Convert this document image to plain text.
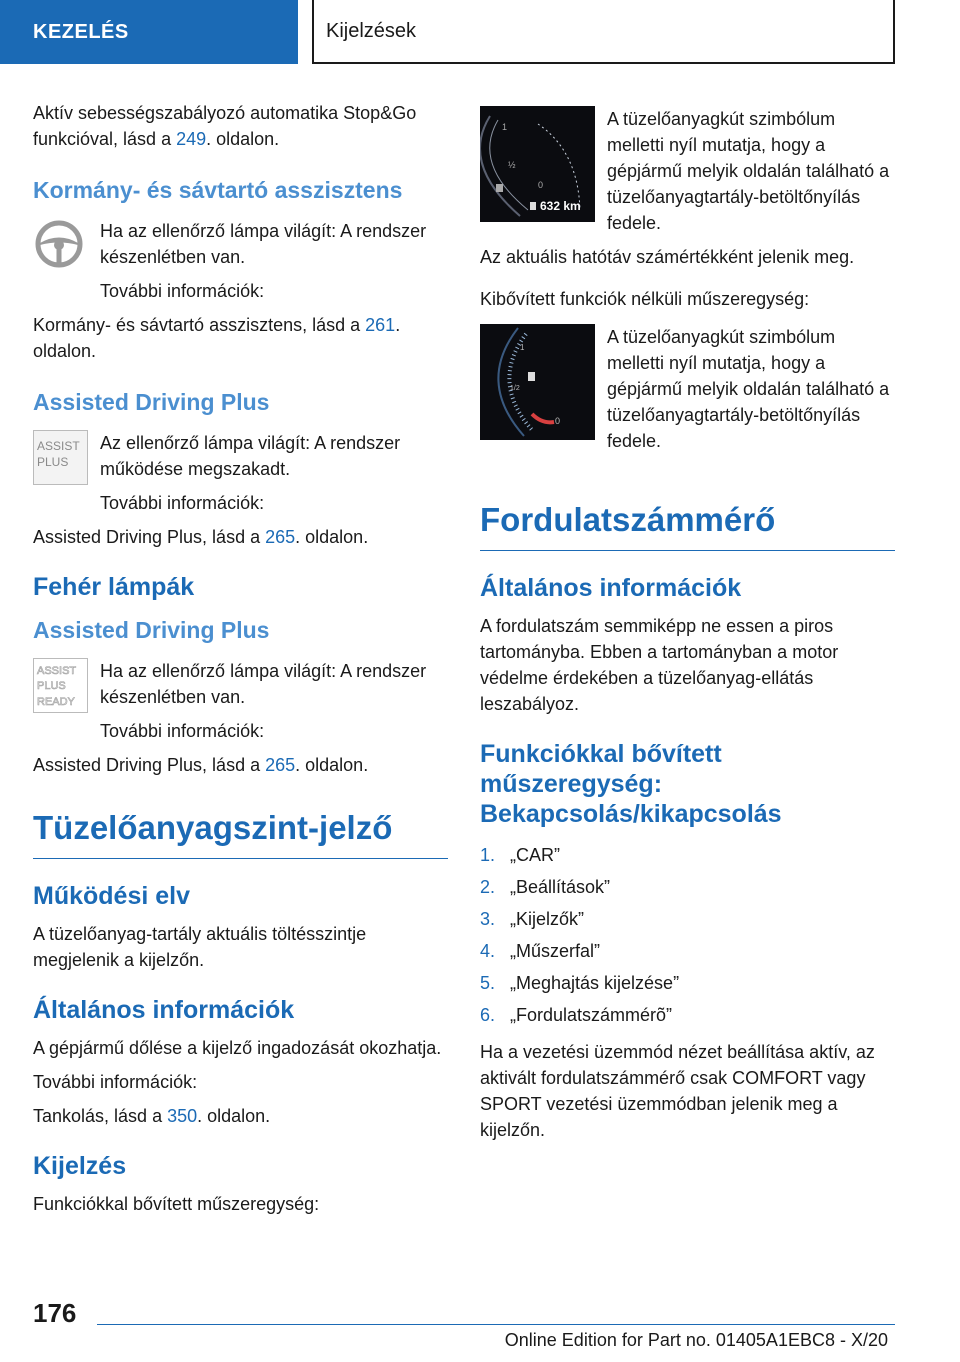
KEZELÉS	Kijelzések

Aktív sebességszabályozó automatika Stop&Go funkcióval, lásd a 249. oldalon.

Kormány- és sávtartó asszisztens

Ha az ellenőrző lámpa világít: A rendszer készenlétben van.

További információk:

Kormány- és sávtartó asszisztens, lásd a 261. oldalon.

Assisted Driving Plus
ASSIST
PLUS

Az ellenőrző lámpa világít: A rendszer működése megszakadt.

További információk:

Assisted Driving Plus, lásd a 265. oldalon.

Fehér lámpák
Assisted Driving Plus
ASSIST
PLUS
READY

Ha az ellenőrző lámpa világít: A rendszer készenlétben van.

További információk:

Assisted Driving Plus, lásd a 265. oldalon.

Tüzelőanyagszint-jelző
Működési elv

A tüzelőanyag-tartály aktuális töltésszintje megjelenik a kijelzőn.

Általános információk

A gépjármű dőlése a kijelző ingadozását okozhatja.

További információk:

Tankolás, lásd a 350. oldalon.

Kijelzés

Funkciókkal bővített műszeregység:

1
½
0
632 km

A tüzelőanyagkút szimbólum melletti nyíl mutatja, hogy a gépjármű melyik oldalán található a tüzelőanyagtartály-betöltőnyílás fedele.

Az aktuális hatótáv számértékként jelenik meg.

Kibővített funkciók nélküli műszeregység:

1
1/2
0

A tüzelőanyagkút szimbólum melletti nyíl mutatja, hogy a gépjármű melyik oldalán található a tüzelőanyagtartály-betöltőnyílás fedele.

Fordulatszámmérő
Általános információk

A fordulatszám semmiképp ne essen a piros tartományba. Ebben a tartományban a motor védelme érdekében a tüzelőanyag-ellátás leszabályoz.

Funkciókkal bővített műszeregység: Bekapcsolás/kikapcsolás
1. „CAR”
2. „Beállítások”
3. „Kijelzők”
4. „Műszerfal”
5. „Meghajtás kijelzése”
6. „Fordulatszámmérõ”

Ha a vezetési üzemmód nézet beállítása aktív, az aktivált fordulatszámmérő csak COMFORT vagy SPORT vezetési üzemmódban jelenik meg a kijelzőn.

176
Online Edition for Part no. 01405A1EBC8 - X/20
